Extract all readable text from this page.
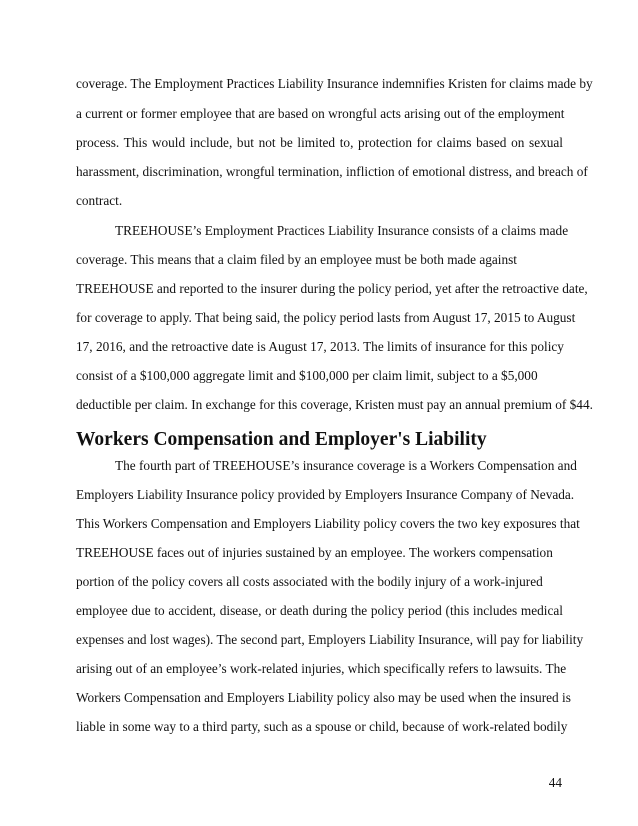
coverage. The Employment Practices Liability Insurance indemnifies Kristen for claims made by
a current or former employee that are based on wrongful acts arising out of the employment
process. This would include, but not be limited to, protection for claims based on sexual
harassment, discrimination, wrongful termination, infliction of emotional distress, and breach of
contract.
TREEHOUSE’s Employment Practices Liability Insurance consists of a claims made
coverage. This means that a claim filed by an employee must be both made against
TREEHOUSE and reported to the insurer during the policy period, yet after the retroactive date,
for coverage to apply. That being said, the policy period lasts from August 17, 2015 to August
17, 2016, and the retroactive date is August 17, 2013. The limits of insurance for this policy
consist of a $100,000 aggregate limit and $100,000 per claim limit, subject to a $5,000
deductible per claim. In exchange for this coverage, Kristen must pay an annual premium of $44.
Workers Compensation and Employer's Liability
The fourth part of TREEHOUSE’s insurance coverage is a Workers Compensation and
Employers Liability Insurance policy provided by Employers Insurance Company of Nevada.
This Workers Compensation and Employers Liability policy covers the two key exposures that
TREEHOUSE faces out of injuries sustained by an employee. The workers compensation
portion of the policy covers all costs associated with the bodily injury of a work-injured
employee due to accident, disease, or death during the policy period (this includes medical
expenses and lost wages). The second part, Employers Liability Insurance, will pay for liability
arising out of an employee’s work-related injuries, which specifically refers to lawsuits. The
Workers Compensation and Employers Liability policy also may be used when the insured is
liable in some way to a third party, such as a spouse or child, because of work-related bodily
44
